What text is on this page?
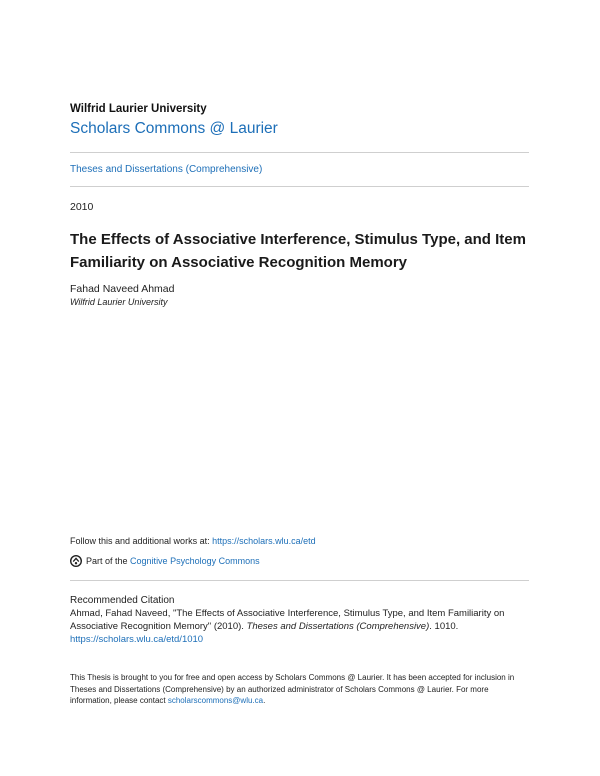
Wilfrid Laurier University
Scholars Commons @ Laurier
Theses and Dissertations (Comprehensive)
2010
The Effects of Associative Interference, Stimulus Type, and Item Familiarity on Associative Recognition Memory
Fahad Naveed Ahmad
Wilfrid Laurier University
Follow this and additional works at: https://scholars.wlu.ca/etd
Part of the
Cognitive Psychology Commons
Recommended Citation
Ahmad, Fahad Naveed, "The Effects of Associative Interference, Stimulus Type, and Item Familiarity on Associative Recognition Memory" (2010). Theses and Dissertations (Comprehensive). 1010.
https://scholars.wlu.ca/etd/1010
This Thesis is brought to you for free and open access by Scholars Commons @ Laurier. It has been accepted for inclusion in Theses and Dissertations (Comprehensive) by an authorized administrator of Scholars Commons @ Laurier. For more information, please contact scholarscommons@wlu.ca.
